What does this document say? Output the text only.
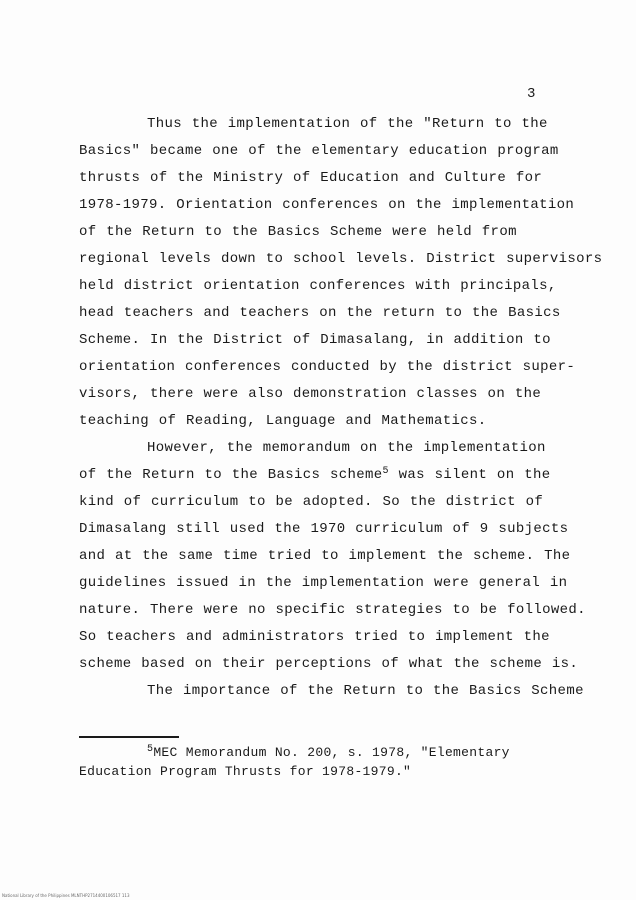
3
Thus the implementation of the "Return to the
Basics" became one of the elementary education program
thrusts of the Ministry of Education and Culture for
1978-1979. Orientation conferences on the implementation
of the Return to the Basics Scheme were held from
regional levels down to school levels. District supervisors
held district orientation conferences with principals,
head teachers and teachers on the return to the Basics
Scheme. In the District of Dimasalang, in addition to
orientation conferences conducted by the district super-
visors, there were also demonstration classes on the
teaching of Reading, Language and Mathematics.
However, the memorandum on the implementation
of the Return to the Basics scheme$^5$ was silent on the
kind of curriculum to be adopted. So the district of
Dimasalang still used the 1970 curriculum of 9 subjects
and at the same time tried to implement the scheme. The
guidelines issued in the implementation were general in
nature. There were no specific strategies to be followed.
So teachers and administrators tried to implement the
scheme based on their perceptions of what the scheme is.
The importance of the Return to the Basics Scheme
$^5$MEC Memorandum No. 200, s. 1978, "Elementary
Education Program Thrusts for 1978-1979."
National Library of the Philippines MLNTHP2714400106517 113
